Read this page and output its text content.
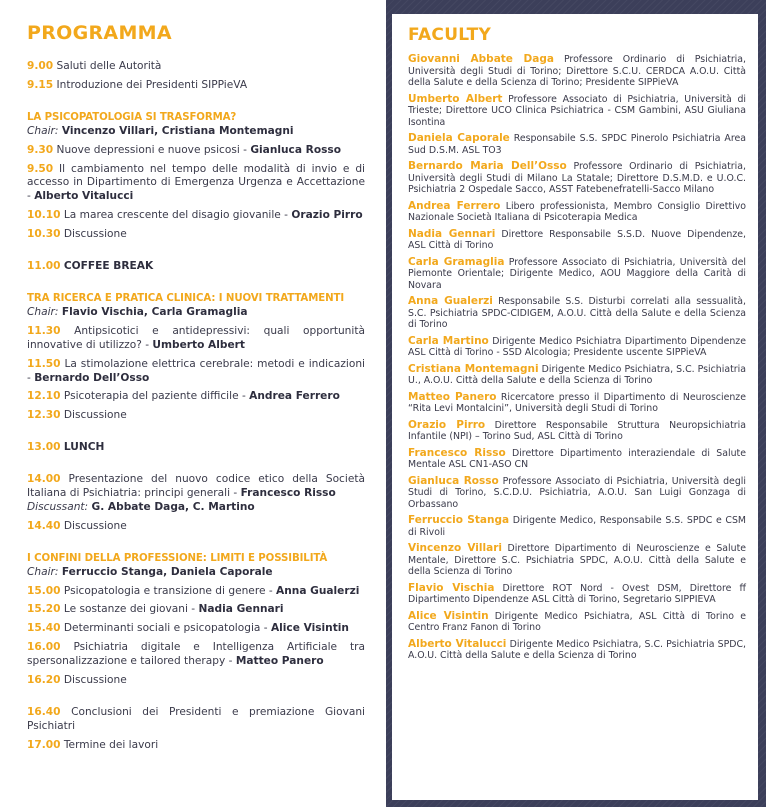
PROGRAMMA
9.00 Saluti delle Autorità
9.15 Introduzione dei Presidenti SIPPieVA
LA PSICOPATOLOGIA SI TRASFORMA?
Chair: Vincenzo Villari, Cristiana Montemagni
9.30 Nuove depressioni e nuove psicosi - Gianluca Rosso
9.50 Il cambiamento nel tempo delle modalità di invio e di accesso in Dipartimento di Emergenza Urgenza e Accettazione - Alberto Vitalucci
10.10 La marea crescente del disagio giovanile - Orazio Pirro
10.30 Discussione
11.00 COFFEE BREAK
TRA RICERCA E PRATICA CLINICA: I NUOVI TRATTAMENTI
Chair: Flavio Vischia, Carla Gramaglia
11.30 Antipsicotici e antidepressivi: quali opportunità innovative di utilizzo? - Umberto Albert
11.50 La stimolazione elettrica cerebrale: metodi e indicazioni - Bernardo Dell’Osso
12.10 Psicoterapia del paziente difficile - Andrea Ferrero
12.30 Discussione
13.00 LUNCH
14.00 Presentazione del nuovo codice etico della Società Italiana di Psichiatria: principi generali - Francesco Risso
Discussant: G. Abbate Daga, C. Martino
14.40 Discussione
I CONFINI DELLA PROFESSIONE: LIMITI E POSSIBILITÀ
Chair: Ferruccio Stanga, Daniela Caporale
15.00 Psicopatologia e transizione di genere - Anna Gualerzi
15.20 Le sostanze dei giovani - Nadia Gennari
15.40 Determinanti sociali e psicopatologia - Alice Visintin
16.00 Psichiatria digitale e Intelligenza Artificiale tra spersonalizzazione e tailored therapy - Matteo Panero
16.20 Discussione
16.40 Conclusioni dei Presidenti e premiazione Giovani Psichiatri
17.00 Termine dei lavori
FACULTY
Giovanni Abbate Daga Professore Ordinario di Psichiatria, Università degli Studi di Torino; Direttore S.C.U. CERDCA A.O.U. Città della Salute e della Scienza di Torino; Presidente SIPPieVA
Umberto Albert Professore Associato di Psichiatria, Università di Trieste; Direttore UCO Clinica Psichiatrica - CSM Gambini, ASU Giuliana Isontina
Daniela Caporale Responsabile S.S. SPDC Pinerolo Psichiatria Area Sud D.S.M. ASL TO3
Bernardo Maria Dell’Osso Professore Ordinario di Psichiatria, Università degli Studi di Milano La Statale; Direttore D.S.M.D. e U.O.C. Psichiatria 2 Ospedale Sacco, ASST Fatebenefratelli-Sacco Milano
Andrea Ferrero Libero professionista, Membro Consiglio Direttivo Nazionale Società Italiana di Psicoterapia Medica
Nadia Gennari Direttore Responsabile S.S.D. Nuove Dipendenze, ASL Città di Torino
Carla Gramaglia Professore Associato di Psichiatria, Università del Piemonte Orientale; Dirigente Medico, AOU Maggiore della Carità di Novara
Anna Gualerzi Responsabile S.S. Disturbi correlati alla sessualità, S.C. Psichiatria SPDC-CIDIGEM, A.O.U. Città della Salute e della Scienza di Torino
Carla Martino Dirigente Medico Psichiatra Dipartimento Dipendenze ASL Città di Torino - SSD Alcologia; Presidente uscente SIPPieVA
Cristiana Montemagni Dirigente Medico Psichiatra, S.C. Psichiatria U., A.O.U. Città della Salute e della Scienza di Torino
Matteo Panero Ricercatore presso il Dipartimento di Neuroscienze “Rita Levi Montalcini”, Università degli Studi di Torino
Orazio Pirro Direttore Responsabile Struttura Neuropsichiatria Infantile (NPI) – Torino Sud, ASL Città di Torino
Francesco Risso Direttore Dipartimento interaziendale di Salute Mentale ASL CN1-ASO CN
Gianluca Rosso Professore Associato di Psichiatria, Università degli Studi di Torino, S.C.D.U. Psichiatria, A.O.U. San Luigi Gonzaga di Orbassano
Ferruccio Stanga Dirigente Medico, Responsabile S.S. SPDC e CSM di Rivoli
Vincenzo Villari Direttore Dipartimento di Neuroscienze e Salute Mentale, Direttore S.C. Psichiatria SPDC, A.O.U. Città della Salute e della Scienza di Torino
Flavio Vischia Direttore ROT Nord - Ovest DSM, Direttore ff Dipartimento Dipendenze ASL Città di Torino, Segretario SIPPIEVA
Alice Visintin Dirigente Medico Psichiatra, ASL Città di Torino e Centro Franz Fanon di Torino
Alberto Vitalucci Dirigente Medico Psichiatra, S.C. Psichiatria SPDC, A.O.U. Città della Salute e della Scienza di Torino
